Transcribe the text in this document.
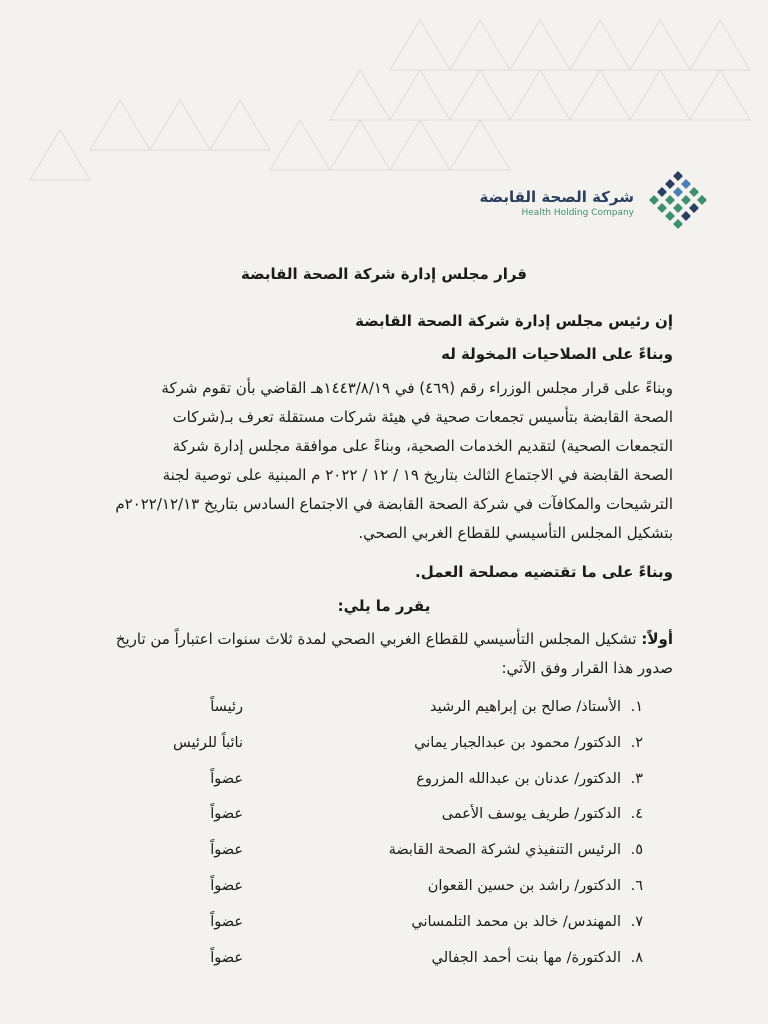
شركة الصحة القابضة
Health Holding Company
قرار مجلس إدارة شركة الصحة القابضة
إن رئيس مجلس إدارة شركة الصحة القابضة
وبناءً على الصلاحيات المخولة له
وبناءً على قرار مجلس الوزراء رقم (٤٦٩) في ١٤٤٣/٨/١٩هـ القاضي بأن تقوم شركة
الصحة القابضة بتأسيس تجمعات صحية في هيئة شركات مستقلة تعرف بـ(شركات
التجمعات الصحية) لتقديم الخدمات الصحية، وبناءً على موافقة مجلس إدارة شركة
الصحة القابضة في الاجتماع الثالث بتاريخ ١٩ / ١٢ / ٢٠٢٢ م المبنية على توصية لجنة
الترشيحات والمكافآت في شركة الصحة القابضة في الاجتماع السادس بتاريخ ٢٠٢٢/١٢/١٣م
بتشكيل المجلس التأسيسي للقطاع الغربي الصحي.
وبناءً على ما تقتضيه مصلحة العمل.
يقرر ما يلي:
أولاً: تشكيل المجلس التأسيسي للقطاع الغربي الصحي لمدة ثلاث سنوات اعتباراً من تاريخ
صدور هذا القرار وفق الآتي:
١.
الأستاذ/ صالح بن إبراهيم الرشيد
رئيساً
٢.
الدكتور/ محمود بن عبدالجبار يماني
نائباً للرئيس
٣.
الدكتور/ عدنان بن عبدالله المزروع
عضواً
٤.
الدكتور/ طريف يوسف الأعمى
عضواً
٥.
الرئيس التنفيذي لشركة الصحة القابضة
عضواً
٦.
الدكتور/ راشد بن حسين القعوان
عضواً
٧.
المهندس/ خالد بن محمد التلمساني
عضواً
٨.
الدكتورة/ مها بنت أحمد الجفالي
عضواً
